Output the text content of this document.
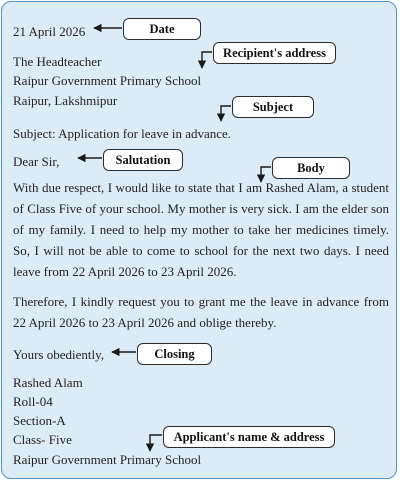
21 April 2026
The Headteacher
Raipur Government Primary School
Raipur, Lakshmipur
Subject: Application for leave in advance.
Dear Sir,

With due respect, I would like to state that I am Rashed Alam, a student of Class Five of your school. My mother is very sick. I am the elder son of my family. I need to help my mother to take her medicines timely. So, I will not be able to come to school for the next two days. I need leave from 22 April 2026 to 23 April 2026.

Therefore, I kindly request you to grant me the leave in advance from 22 April 2026 to 23 April 2026 and oblige thereby.

Yours obediently,
Rashed Alam
Roll-04
Section-A
Class- Five
Raipur Government Primary School
Date
Recipient's address
Subject
Salutation
Body
Closing
Applicant's name & address
